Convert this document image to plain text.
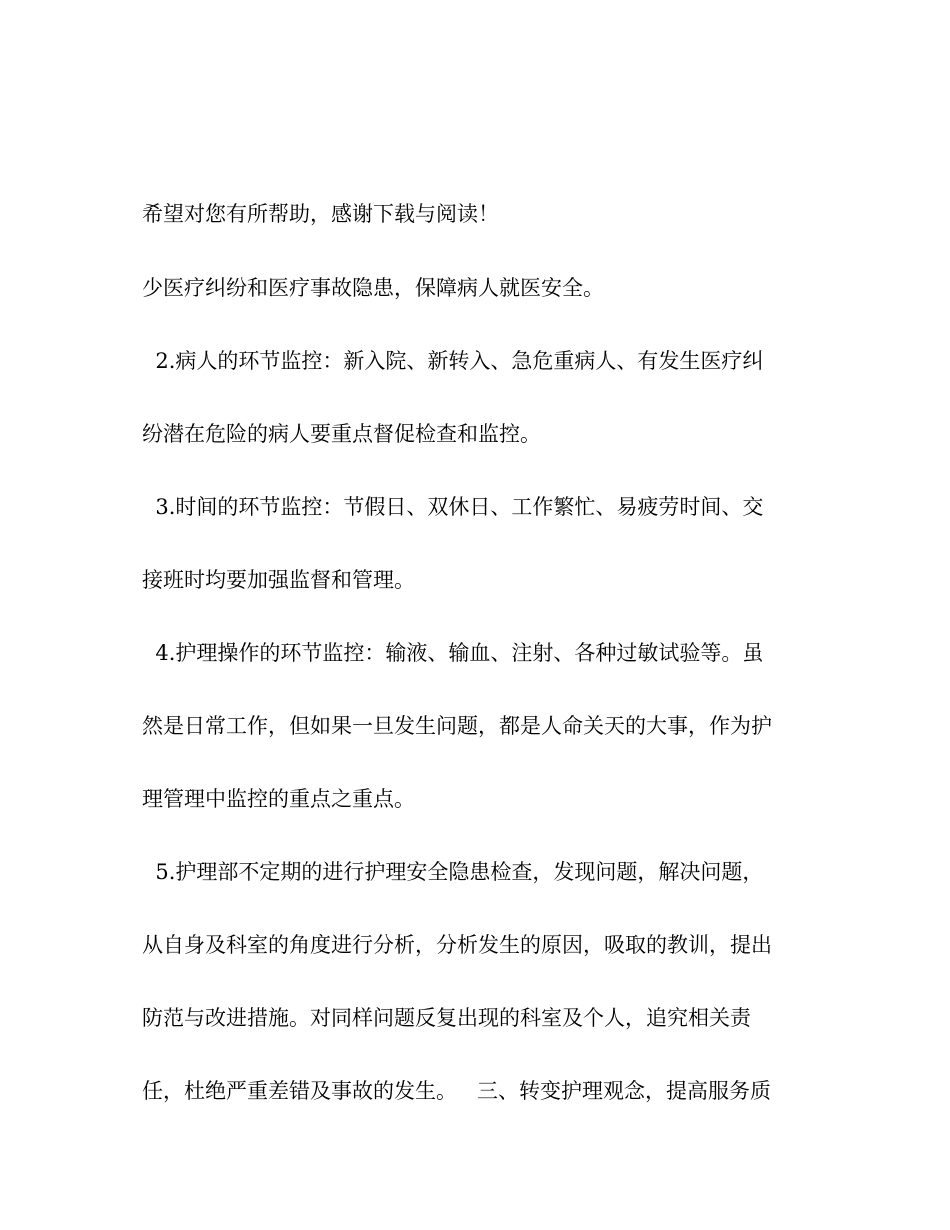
希望对您有所帮助，感谢下载与阅读！
少医疗纠纷和医疗事故隐患，保障病人就医安全。
2.病人的环节监控：新入院、新转入、急危重病人、有发生医疗纠
纷潜在危险的病人要重点督促检查和监控。
3.时间的环节监控：节假日、双休日、工作繁忙、易疲劳时间、交
接班时均要加强监督和管理。
4.护理操作的环节监控：输液、输血、注射、各种过敏试验等。虽
然是日常工作，但如果一旦发生问题，都是人命关天的大事，作为护
理管理中监控的重点之重点。
5.护理部不定期的进行护理安全隐患检查，发现问题，解决问题，
从自身及科室的角度进行分析，分析发生的原因，吸取的教训，提出
防范与改进措施。对同样问题反复出现的科室及个人，追究相关责
任，杜绝严重差错及事故的发生。   三、转变护理观念，提高服务质
